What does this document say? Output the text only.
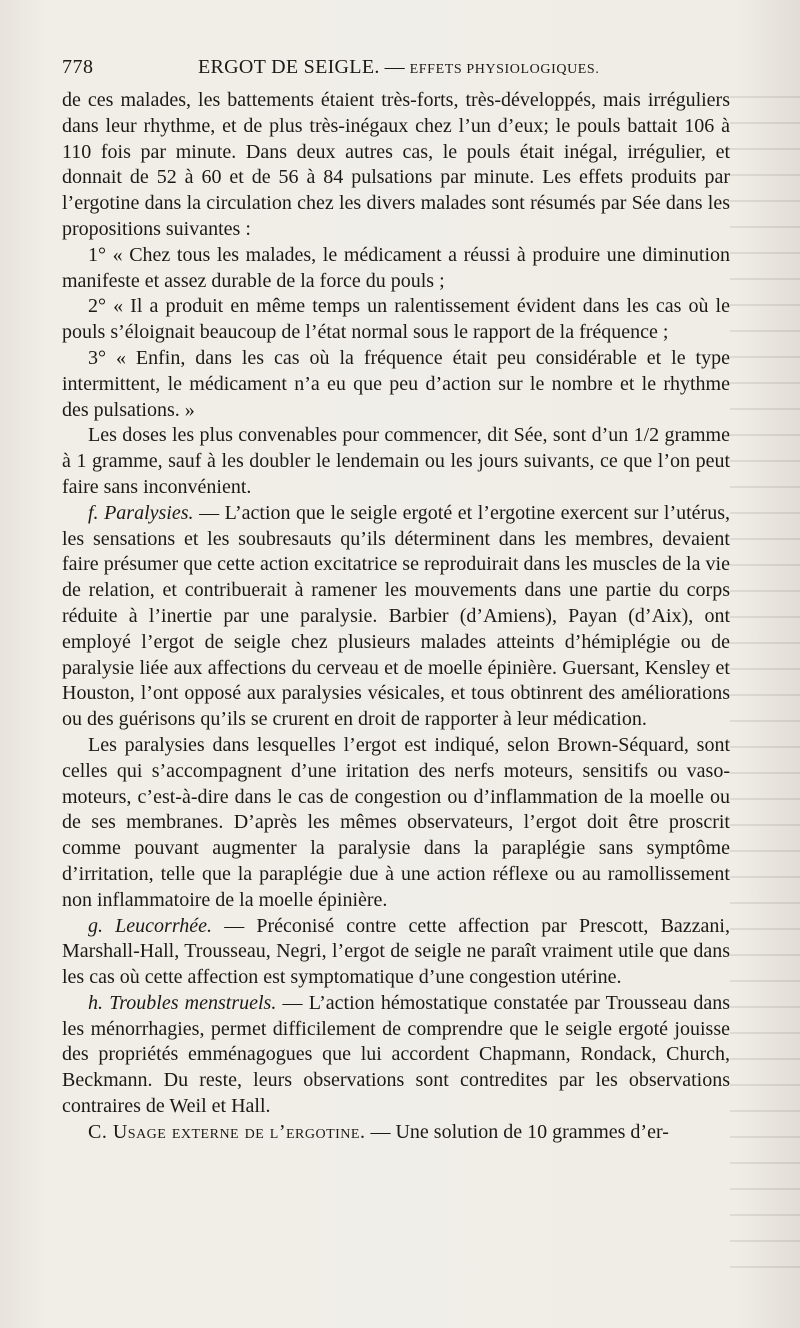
778	ERGOT DE SEIGLE. — EFFETS PHYSIOLOGIQUES.

de ces malades, les battements étaient très-forts, très-développés, mais irréguliers dans leur rhythme, et de plus très-inégaux chez l’un d’eux; le pouls battait 106 à 110 fois par minute. Dans deux autres cas, le pouls était inégal, irrégulier, et donnait de 52 à 60 et de 56 à 84 pulsations par minute. Les effets produits par l’ergotine dans la circulation chez les divers malades sont résumés par Sée dans les propositions suivantes :

1° « Chez tous les malades, le médicament a réussi à produire une diminution manifeste et assez durable de la force du pouls ;

2° « Il a produit en même temps un ralentissement évident dans les cas où le pouls s’éloignait beaucoup de l’état normal sous le rapport de la fréquence ;

3° « Enfin, dans les cas où la fréquence était peu considérable et le type intermittent, le médicament n’a eu que peu d’action sur le nombre et le rhythme des pulsations. »

Les doses les plus convenables pour commencer, dit Sée, sont d’un 1/2 gramme à 1 gramme, sauf à les doubler le lendemain ou les jours suivants, ce que l’on peut faire sans inconvénient.

f. Paralysies. — L’action que le seigle ergoté et l’ergotine exercent sur l’utérus, les sensations et les soubresauts qu’ils déterminent dans les membres, devaient faire présumer que cette action excitatrice se reproduirait dans les muscles de la vie de relation, et contribuerait à ramener les mouvements dans une partie du corps réduite à l’inertie par une paralysie. Barbier (d’Amiens), Payan (d’Aix), ont employé l’ergot de seigle chez plusieurs malades atteints d’hémiplégie ou de paralysie liée aux affections du cerveau et de moelle épinière. Guersant, Kensley et Houston, l’ont opposé aux paralysies vésicales, et tous obtinrent des améliorations ou des guérisons qu’ils se crurent en droit de rapporter à leur médication.

Les paralysies dans lesquelles l’ergot est indiqué, selon Brown-Séquard, sont celles qui s’accompagnent d’une iritation des nerfs moteurs, sensitifs ou vaso-moteurs, c’est-à-dire dans le cas de congestion ou d’inflammation de la moelle ou de ses membranes. D’après les mêmes observateurs, l’ergot doit être proscrit comme pouvant augmenter la paralysie dans la paraplégie sans symptôme d’irritation, telle que la paraplégie due à une action réflexe ou au ramollissement non inflammatoire de la moelle épinière.

g. Leucorrhée. — Préconisé contre cette affection par Prescott, Bazzani, Marshall-Hall, Trousseau, Negri, l’ergot de seigle ne paraît vraiment utile que dans les cas où cette affection est symptomatique d’une congestion utérine.

h. Troubles menstruels. — L’action hémostatique constatée par Trousseau dans les ménorrhagies, permet difficilement de comprendre que le seigle ergoté jouisse des propriétés emménagogues que lui accordent Chapmann, Rondack, Church, Beckmann. Du reste, leurs observations sont contredites par les observations contraires de Weil et Hall.

C. Usage externe de l’ergotine. — Une solution de 10 grammes d’er-
